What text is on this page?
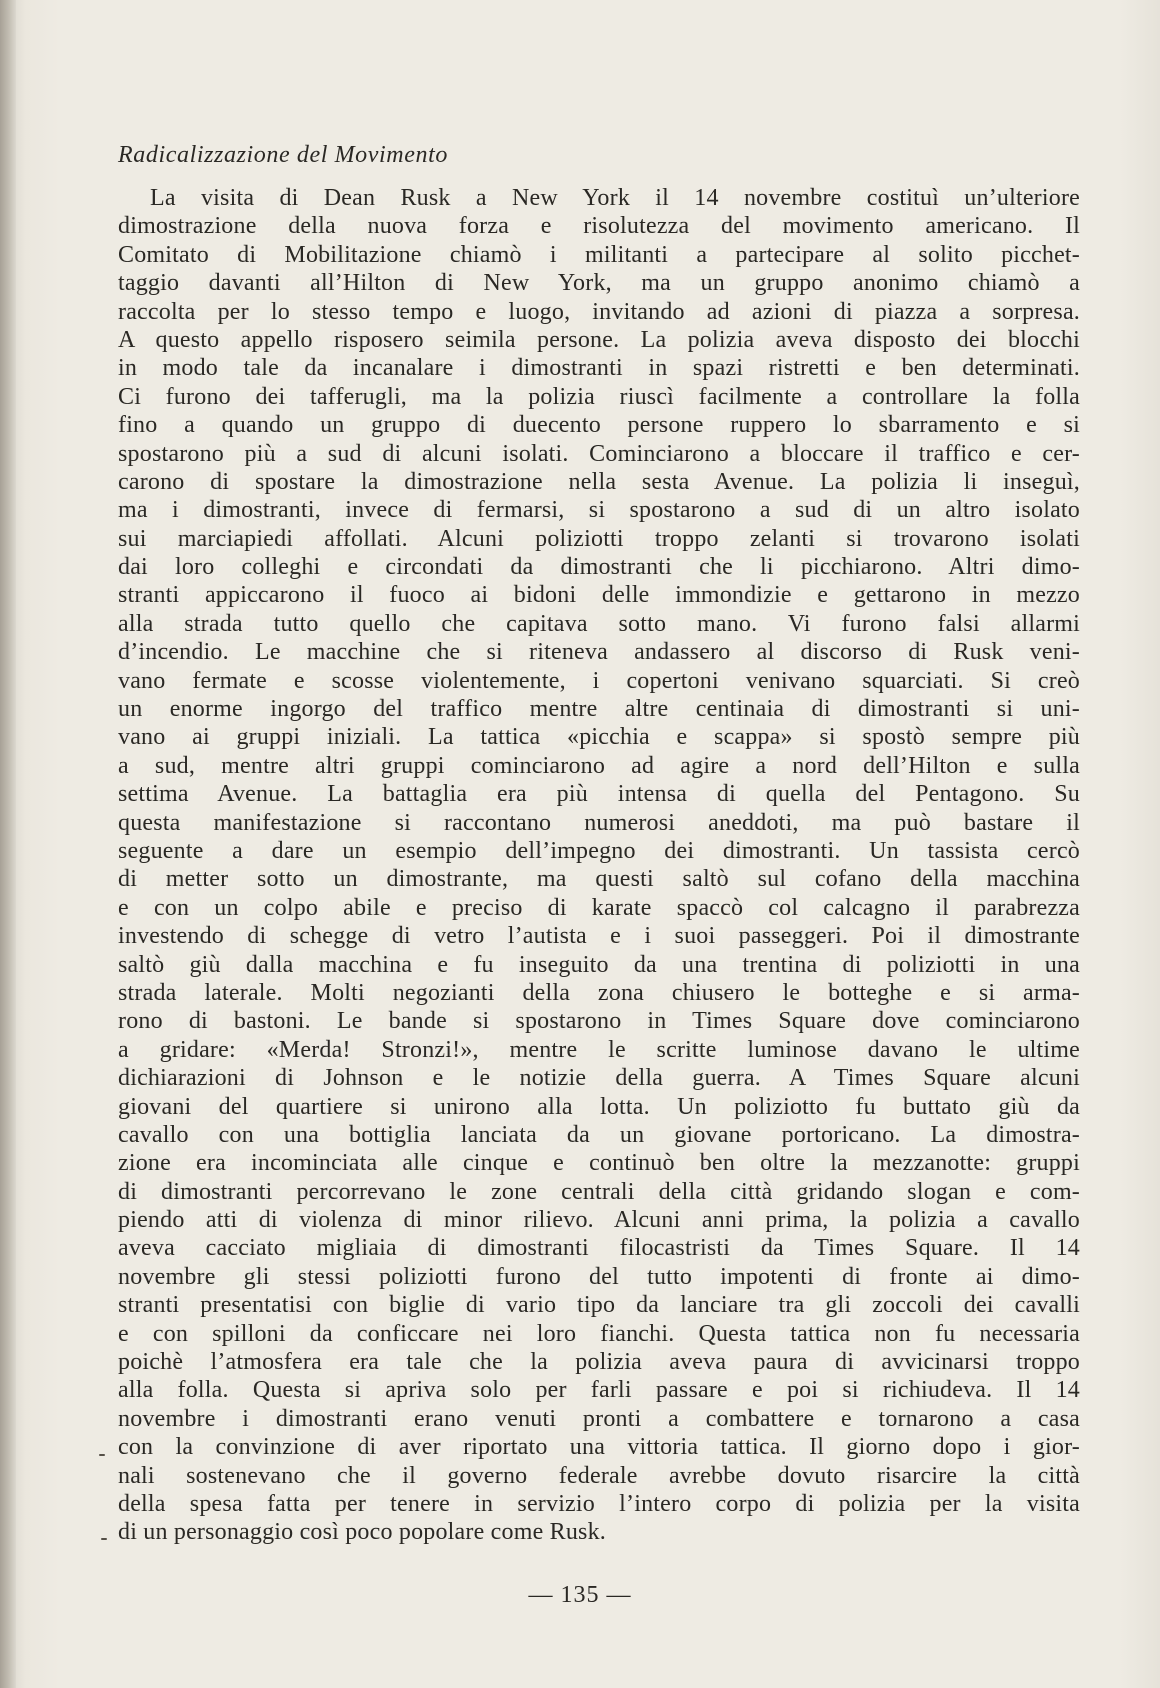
Radicalizzazione del Movimento
La visita di Dean Rusk a New York il 14 novembre costituì un’ulteriore
dimostrazione della nuova forza e risolutezza del movimento americano. Il
Comitato di Mobilitazione chiamò i militanti a partecipare al solito picchet-
taggio davanti all’Hilton di New York, ma un gruppo anonimo chiamò a
raccolta per lo stesso tempo e luogo, invitando ad azioni di piazza a sorpresa.
A questo appello risposero seimila persone. La polizia aveva disposto dei blocchi
in modo tale da incanalare i dimostranti in spazi ristretti e ben determinati.
Ci furono dei tafferugli, ma la polizia riuscì facilmente a controllare la folla
fino a quando un gruppo di duecento persone ruppero lo sbarramento e si
spostarono più a sud di alcuni isolati. Cominciarono a bloccare il traffico e cer-
carono di spostare la dimostrazione nella sesta Avenue. La polizia li inseguì,
ma i dimostranti, invece di fermarsi, si spostarono a sud di un altro isolato
sui marciapiedi affollati. Alcuni poliziotti troppo zelanti si trovarono isolati
dai loro colleghi e circondati da dimostranti che li picchiarono. Altri dimo-
stranti appiccarono il fuoco ai bidoni delle immondizie e gettarono in mezzo
alla strada tutto quello che capitava sotto mano. Vi furono falsi allarmi
d’incendio. Le macchine che si riteneva andassero al discorso di Rusk veni-
vano fermate e scosse violentemente, i copertoni venivano squarciati. Si creò
un enorme ingorgo del traffico mentre altre centinaia di dimostranti si uni-
vano ai gruppi iniziali. La tattica «picchia e scappa» si spostò sempre più
a sud, mentre altri gruppi cominciarono ad agire a nord dell’Hilton e sulla
settima Avenue. La battaglia era più intensa di quella del Pentagono. Su
questa manifestazione si raccontano numerosi aneddoti, ma può bastare il
seguente a dare un esempio dell’impegno dei dimostranti. Un tassista cercò
di metter sotto un dimostrante, ma questi saltò sul cofano della macchina
e con un colpo abile e preciso di karate spaccò col calcagno il parabrezza
investendo di schegge di vetro l’autista e i suoi passeggeri. Poi il dimostrante
saltò giù dalla macchina e fu inseguito da una trentina di poliziotti in una
strada laterale. Molti negozianti della zona chiusero le botteghe e si arma-
rono di bastoni. Le bande si spostarono in Times Square dove cominciarono
a gridare: «Merda! Stronzi!», mentre le scritte luminose davano le ultime
dichiarazioni di Johnson e le notizie della guerra. A Times Square alcuni
giovani del quartiere si unirono alla lotta. Un poliziotto fu buttato giù da
cavallo con una bottiglia lanciata da un giovane portoricano. La dimostra-
zione era incominciata alle cinque e continuò ben oltre la mezzanotte: gruppi
di dimostranti percorrevano le zone centrali della città gridando slogan e com-
piendo atti di violenza di minor rilievo. Alcuni anni prima, la polizia a cavallo
aveva cacciato migliaia di dimostranti filocastristi da Times Square. Il 14
novembre gli stessi poliziotti furono del tutto impotenti di fronte ai dimo-
stranti presentatisi con biglie di vario tipo da lanciare tra gli zoccoli dei cavalli
e con spilloni da conficcare nei loro fianchi. Questa tattica non fu necessaria
poichè l’atmosfera era tale che la polizia aveva paura di avvicinarsi troppo
alla folla. Questa si apriva solo per farli passare e poi si richiudeva. Il 14
novembre i dimostranti erano venuti pronti a combattere e tornarono a casa
con la convinzione di aver riportato una vittoria tattica. Il giorno dopo i gior-
nali sostenevano che il governo federale avrebbe dovuto risarcire la città
della spesa fatta per tenere in servizio l’intero corpo di polizia per la visita
di un personaggio così poco popolare come Rusk.

— 135 —
